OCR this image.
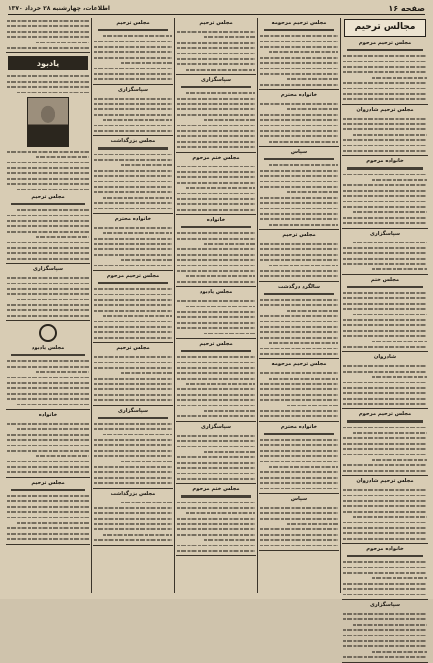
صفحه ۱۶
اطلاعات، چهارشنبه ۲۸ خرداد ۱۳۷۰
مجالس ترحیم
مجلس ترحیم مرحوم
مجلس ترحیم شادروان
خانواده مرحوم
سپاسگزاری
مجلس ختم
شادروان
مجلس ترحیم مرحوم
مجلس ترحیم شادروان
خانواده مرحوم
سپاسگزاری
مجلس ترحیم مرحومه
خانواده محترم
سپاس
مجلس ترحیم
سالگرد درگذشت
مجلس ترحیم مرحومه
خانواده محترم
سپاس
مجلس ترحیم
سپاسگزاری
مجلس ختم مرحوم
خانواده
مجلس یادبود
مجلس ترحیم
سپاسگزاری
مجلس ختم مرحوم
مجلس ترحیم
سپاسگزاری
مجلس بزرگداشت
خانواده محترم
مجلس ترحیم مرحوم
مجلس ترحیم
سپاسگزاری
مجلس بزرگداشت
یادبود
مجلس ترحیم
سپاسگزاری
مجلس یادبود
خانواده
مجلس ترحیم
